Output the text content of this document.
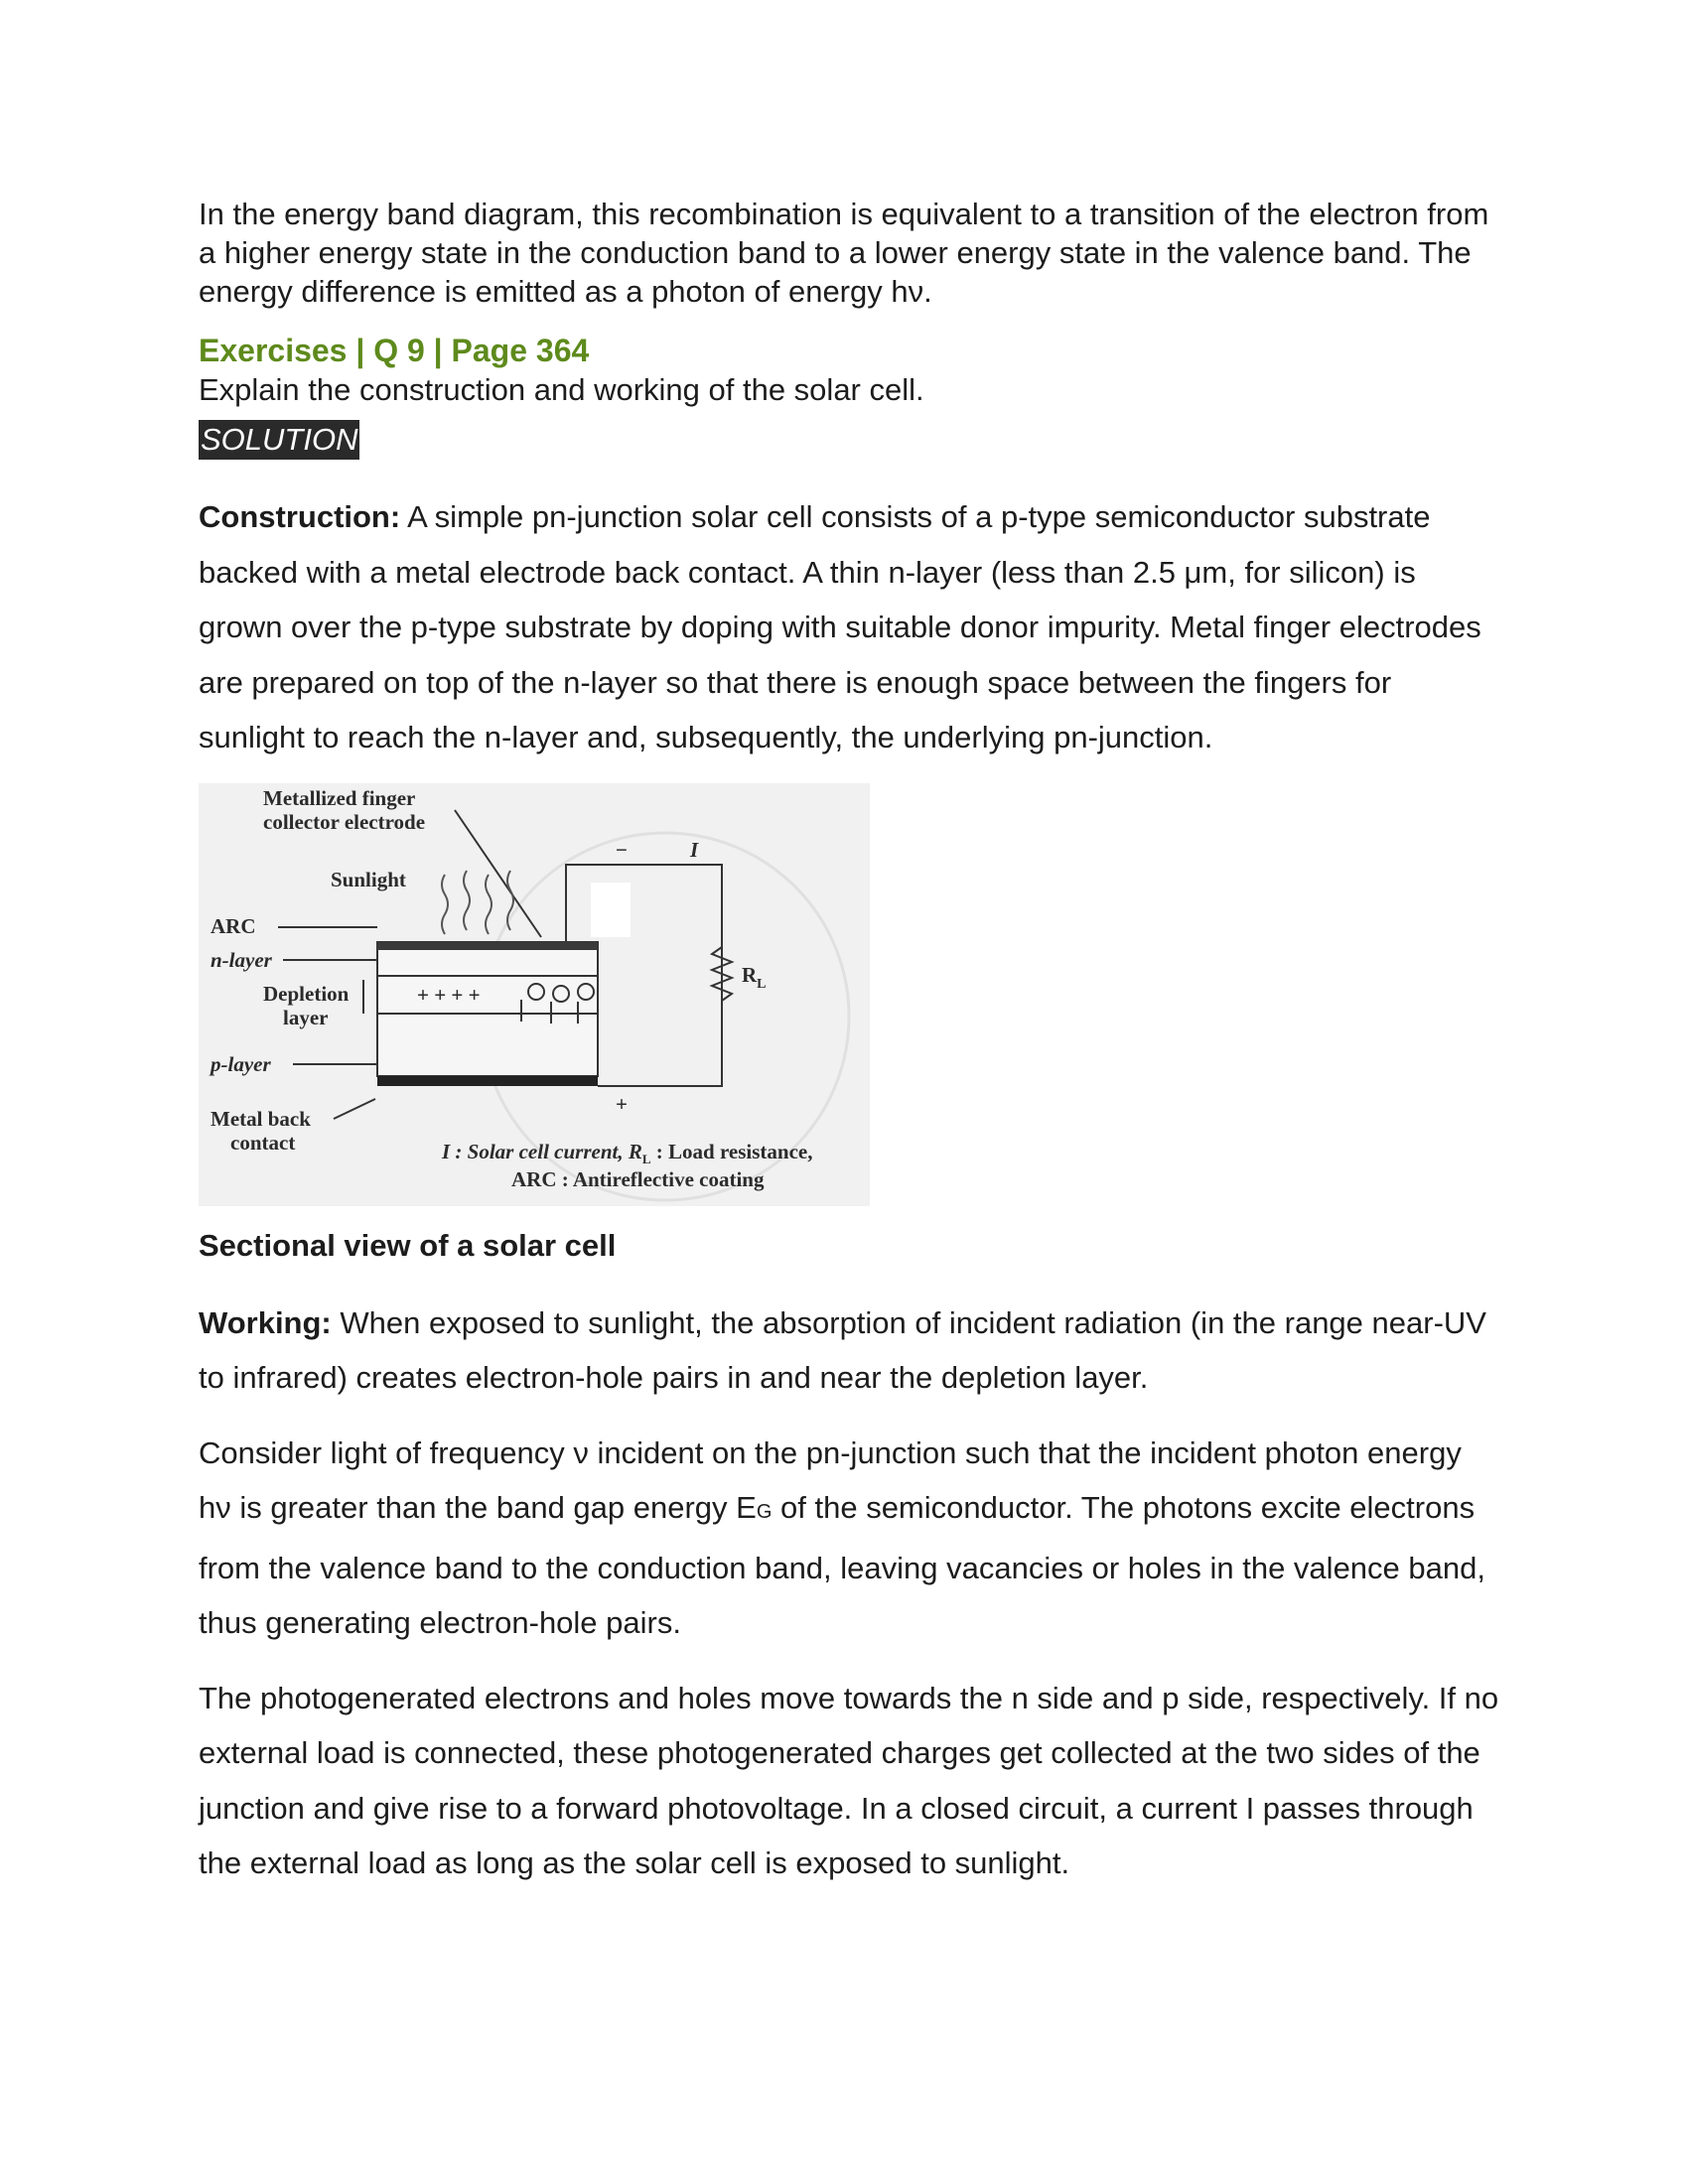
In the energy band diagram, this recombination is equivalent to a transition of the electron from a higher energy state in the conduction band to a lower energy state in the valence band. The energy difference is emitted as a photon of energy hν.

Exercises | Q 9 | Page 364

Explain the construction and working of the solar cell.

SOLUTION

Construction: A simple pn-junction solar cell consists of a p-type semiconductor substrate backed with a metal electrode back contact. A thin n-layer (less than 2.5 μm, for silicon) is grown over the p-type substrate by doping with suitable donor impurity. Metal finger electrodes are prepared on top of the n-layer so that there is enough space between the fingers for sunlight to reach the n-layer and, subsequently, the underlying pn-junction.

Metallized finger
collector electrode
Sunlight
ARC
n-layer
Depletion
layer
p-layer
Metal back
contact
+ + + +
−	I
$R_L$
+
I : Solar cell current, $R_L$ : Load resistance,
ARC : Antireflective coating

Sectional view of a solar cell

Working: When exposed to sunlight, the absorption of incident radiation (in the range near-UV to infrared) creates electron-hole pairs in and near the depletion layer.

Consider light of frequency ν incident on the pn-junction such that the incident photon energy hν is greater than the band gap energy EG of the semiconductor. The photons excite electrons from the valence band to the conduction band, leaving vacancies or holes in the valence band, thus generating electron-hole pairs.

The photogenerated electrons and holes move towards the n side and p side, respectively. If no external load is connected, these photogenerated charges get collected at the two sides of the junction and give rise to a forward photovoltage. In a closed circuit, a current I passes through the external load as long as the solar cell is exposed to sunlight.
